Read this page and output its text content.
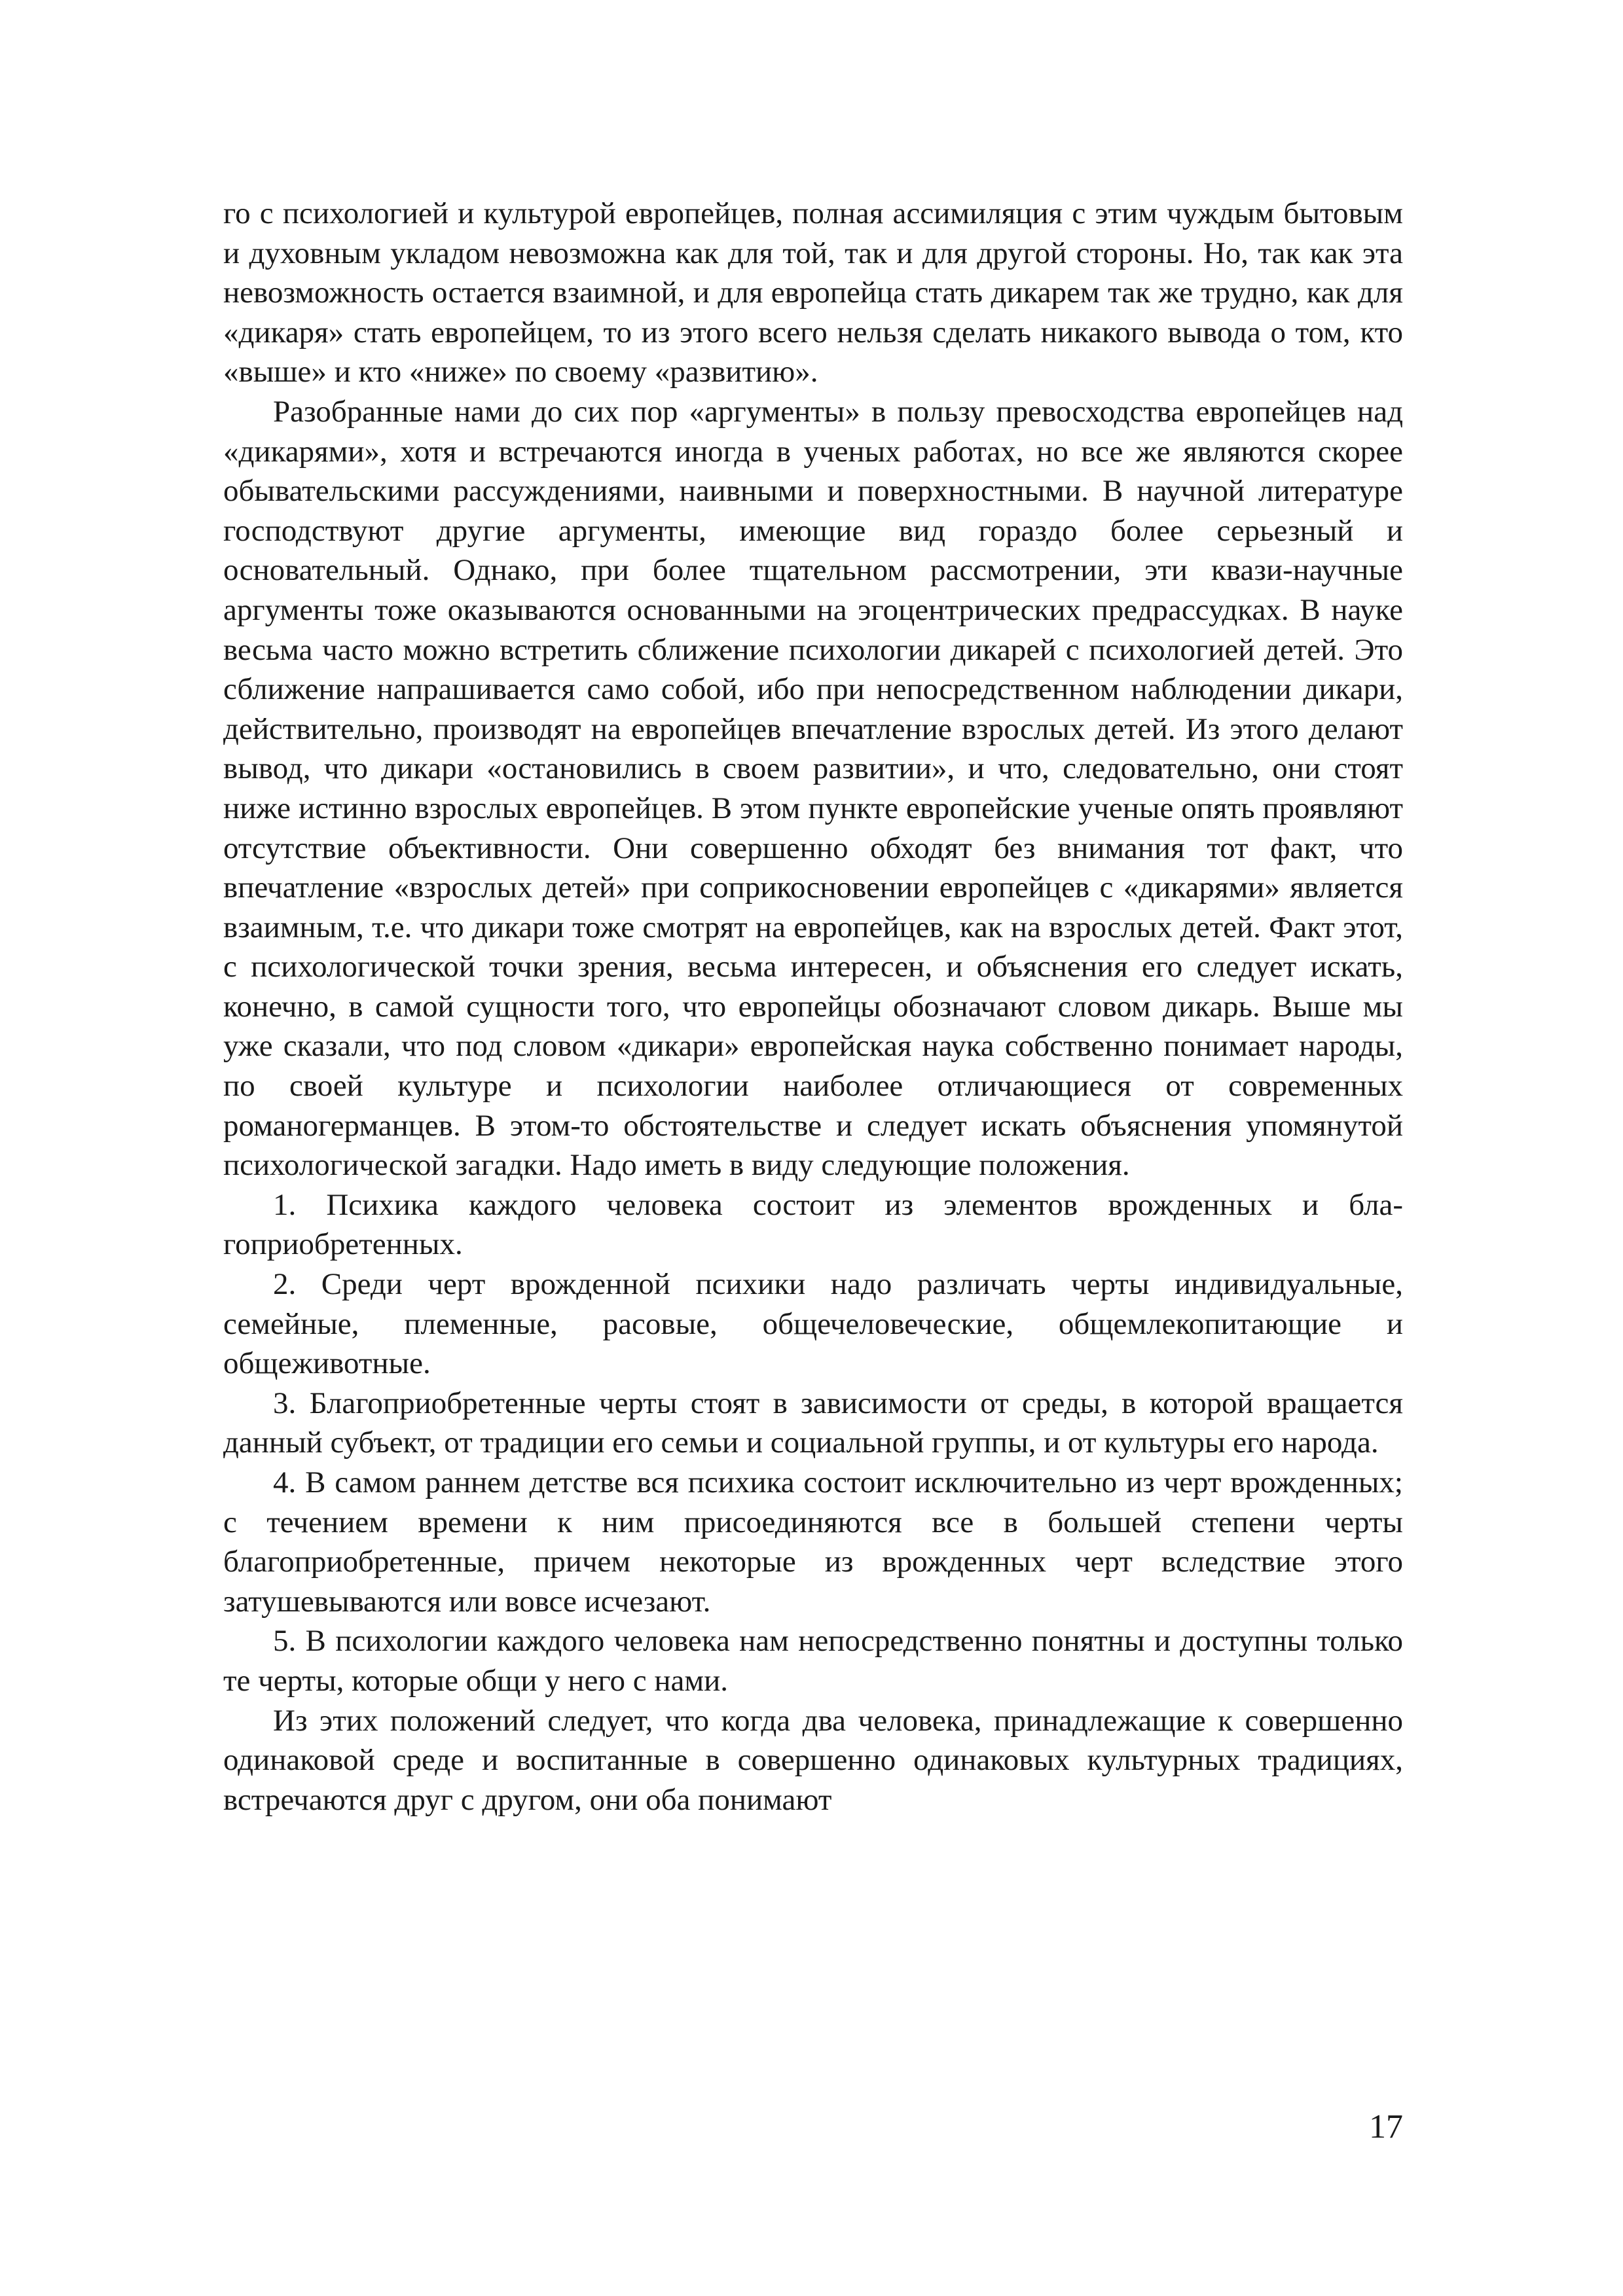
го с психологией и культурой европейцев, полная ассимиляция с этим чуждым бытовым и духовным укладом невозможна как для той, так и для другой стороны. Но, так как эта невозможность остается взаимной, и для европейца стать дикарем так же трудно, как для «дикаря» стать европейцем, то из этого всего нельзя сделать никакого вывода о том, кто «выше» и кто «ниже» по своему «развитию».

Разобранные нами до сих пор «аргументы» в пользу превосходства европейцев над «дикарями», хотя и встречаются иногда в ученых работах, но все же являются скорее обывательскими рассуждениями, наивными и поверхностными. В научной литературе господствуют другие аргументы, имеющие вид гораздо более серьезный и основательный. Однако, при более тщательном рассмотрении, эти квази-научные аргументы тоже оказываются основанными на эгоцентрических предрассудках. В науке весьма часто можно встретить сближение психологии дикарей с психологией детей. Это сближение напрашивается само собой, ибо при непосредственном наблюдении дикари, действительно, производят на европейцев впечатление взрослых детей. Из этого делают вывод, что дикари «остановились в своем развитии», и что, следовательно, они стоят ниже истинно взрослых европейцев. В этом пункте европейские ученые опять проявляют отсутствие объективности. Они совершенно обходят без внимания тот факт, что впечатление «взрослых детей» при соприкосновении европейцев с «дикарями» является взаимным, т.е. что дикари тоже смотрят на европейцев, как на взрослых детей. Факт этот, с психологической точки зрения, весьма интересен, и объяснения его следует искать, конечно, в самой сущности того, что европейцы обозначают словом дикарь. Выше мы уже сказали, что под словом «дикари» европейская наука собственно понимает народы, по своей культуре и психологии наиболее отличающиеся от современных романогерманцев. В этом-то обстоятельстве и следует искать объяснения упомянутой психологической загадки. Надо иметь в виду следующие положения.

1. Психика каждого человека состоит из элементов врожденных и благоприобретенных.

2. Среди черт врожденной психики надо различать черты индивидуальные, семейные, племенные, расовые, общечеловеческие, общемлекопитающие и общеживотные.

3. Благоприобретенные черты стоят в зависимости от среды, в которой вращается данный субъект, от традиции его семьи и социальной группы, и от культуры его народа.

4. В самом раннем детстве вся психика состоит исключительно из черт врожденных; с течением времени к ним присоединяются все в большей степени черты благоприобретенные, причем некоторые из врожденных черт вследствие этого затушевываются или вовсе исчезают.

5. В психологии каждого человека нам непосредственно понятны и доступны только те черты, которые общи у него с нами.

Из этих положений следует, что когда два человека, принадлежащие к совершенно одинаковой среде и воспитанные в совершенно одинаковых культурных традициях, встречаются друг с другом, они оба понимают

17
